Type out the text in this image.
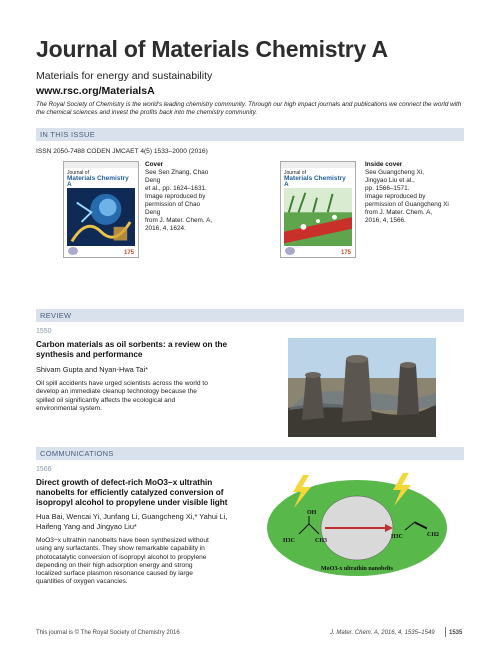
Journal of Materials Chemistry A
Materials for energy and sustainability
www.rsc.org/MaterialsA
The Royal Society of Chemistry is the world's leading chemistry community. Through our high impact journals and publications we connect the world with the chemical sciences and invest the profits back into the chemistry community.
IN THIS ISSUE
ISSN 2050-7488 CODEN JMCAET 4(5) 1533–2000 (2016)
Journal of
Materials Chemistry A
175
Cover
See Sen Zhang, Chao Deng
et al., pp. 1624–1631.
Image reproduced by
permission of Chao Deng
from J. Mater. Chem. A,
2016, 4, 1624.
Journal of
Materials Chemistry A
175
Inside cover
See Guangcheng Xi,
Jingyao Liu et al.,
pp. 1566–1571.
Image reproduced by
permission of Guangcheng Xi
from J. Mater. Chem. A,
2016, 4, 1566.
REVIEW
1550
Carbon materials as oil sorbents: a review on the
synthesis and performance
Shivam Gupta and Nyan-Hwa Tai*
Oil spill accidents have urged scientists across the world to
develop an immediate cleanup technology because the
spilled oil significantly affects the ecological and
environmental system.
COMMUNICATIONS
1566
Direct growth of defect-rich MoO3−x ultrathin
nanobelts for efficiently catalyzed conversion of
isopropyl alcohol to propylene under visible light
Hua Bai, Wencai Yi, Junfang Li, Guangcheng Xi,* Yahui Li,
Haifeng Yang and Jingyao Liu*
MoO3−x ultrathin nanobelts have been synthesized without
using any surfactants. They show remarkable capability in
photocatalytic conversion of isopropyl alcohol to propylene
depending on their high adsorption energy and strong
localized surface plasmon resonance caused by large
quantities of oxygen vacancies.
OH
H3C	CH3
H3C	CH2
MoO3-x ultrathin nanobelts
This journal is © The Royal Society of Chemistry 2016	J. Mater. Chem. A, 2016, 4, 1535–1549 1535
